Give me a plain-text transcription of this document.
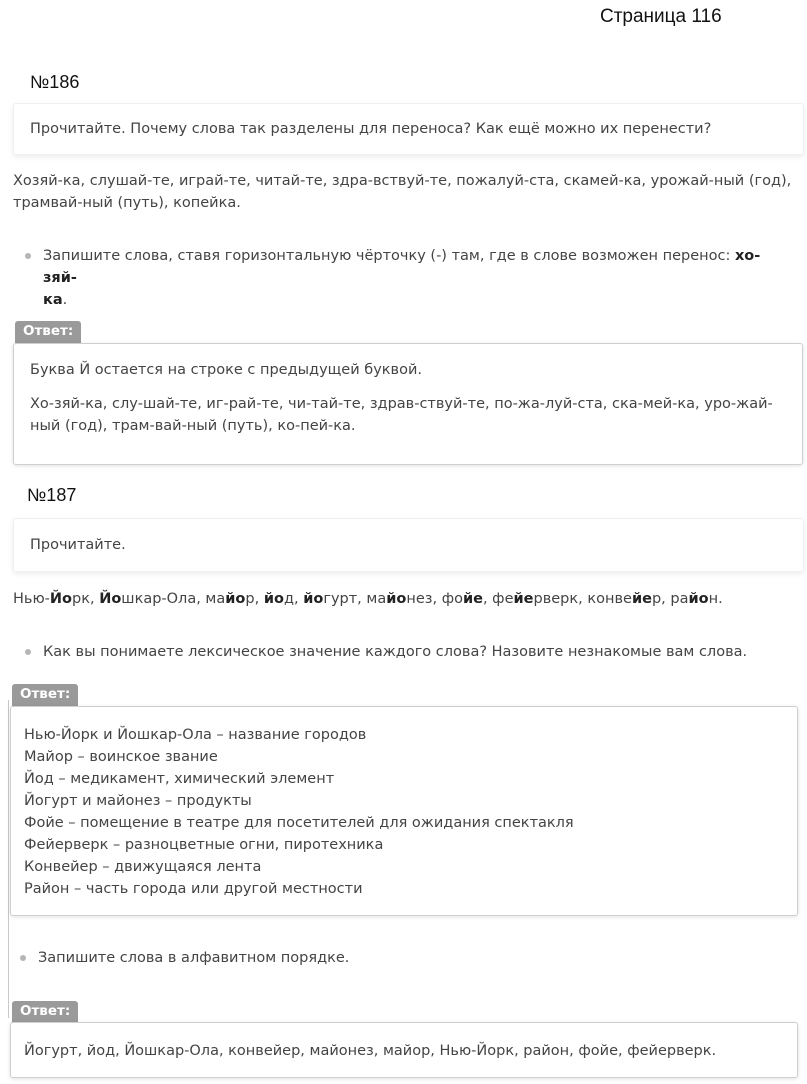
Страница 116
№186
Прочитайте. Почему слова так разделены для переноса? Как ещё можно их перенести?
Хозяй-ка, слушай-те, играй-те, читай-те, здра-вствуй-те, пожалуй-ста, скамей-ка, урожай-ный (год),
трамвай-ный (путь), копейка.
Запишите слова, ставя горизонтальную чёрточку (-) там, где в слове возможен перенос: хо-зяй-
ка.
Ответ:
Буква Й остается на строке с предыдущей буквой.
Хо-зяй-ка, слу-шай-те, иг-рай-те, чи-тай-те, здрав-ствуй-те, по-жа-луй-ста, ска-мей-ка, уро-жай-
ный (год), трам-вай-ный (путь), ко-пей-ка.
№187
Прочитайте.
Нью-Йорк, Йошкар-Ола, майор, йод, йогурт, майонез, фойе, фейерверк, конвейер, район.
Как вы понимаете лексическое значение каждого слова? Назовите незнакомые вам слова.
Ответ:
Нью-Йорк и Йошкар-Ола – название городов
Майор – воинское звание
Йод – медикамент, химический элемент
Йогурт и майонез – продукты
Фойе – помещение в театре для посетителей для ожидания спектакля
Фейерверк – разноцветные огни, пиротехника
Конвейер – движущаяся лента
Район – часть города или другой местности
Запишите слова в алфавитном порядке.
Ответ:
Йогурт, йод, Йошкар-Ола, конвейер, майонез, майор, Нью-Йорк, район, фойе, фейерверк.
